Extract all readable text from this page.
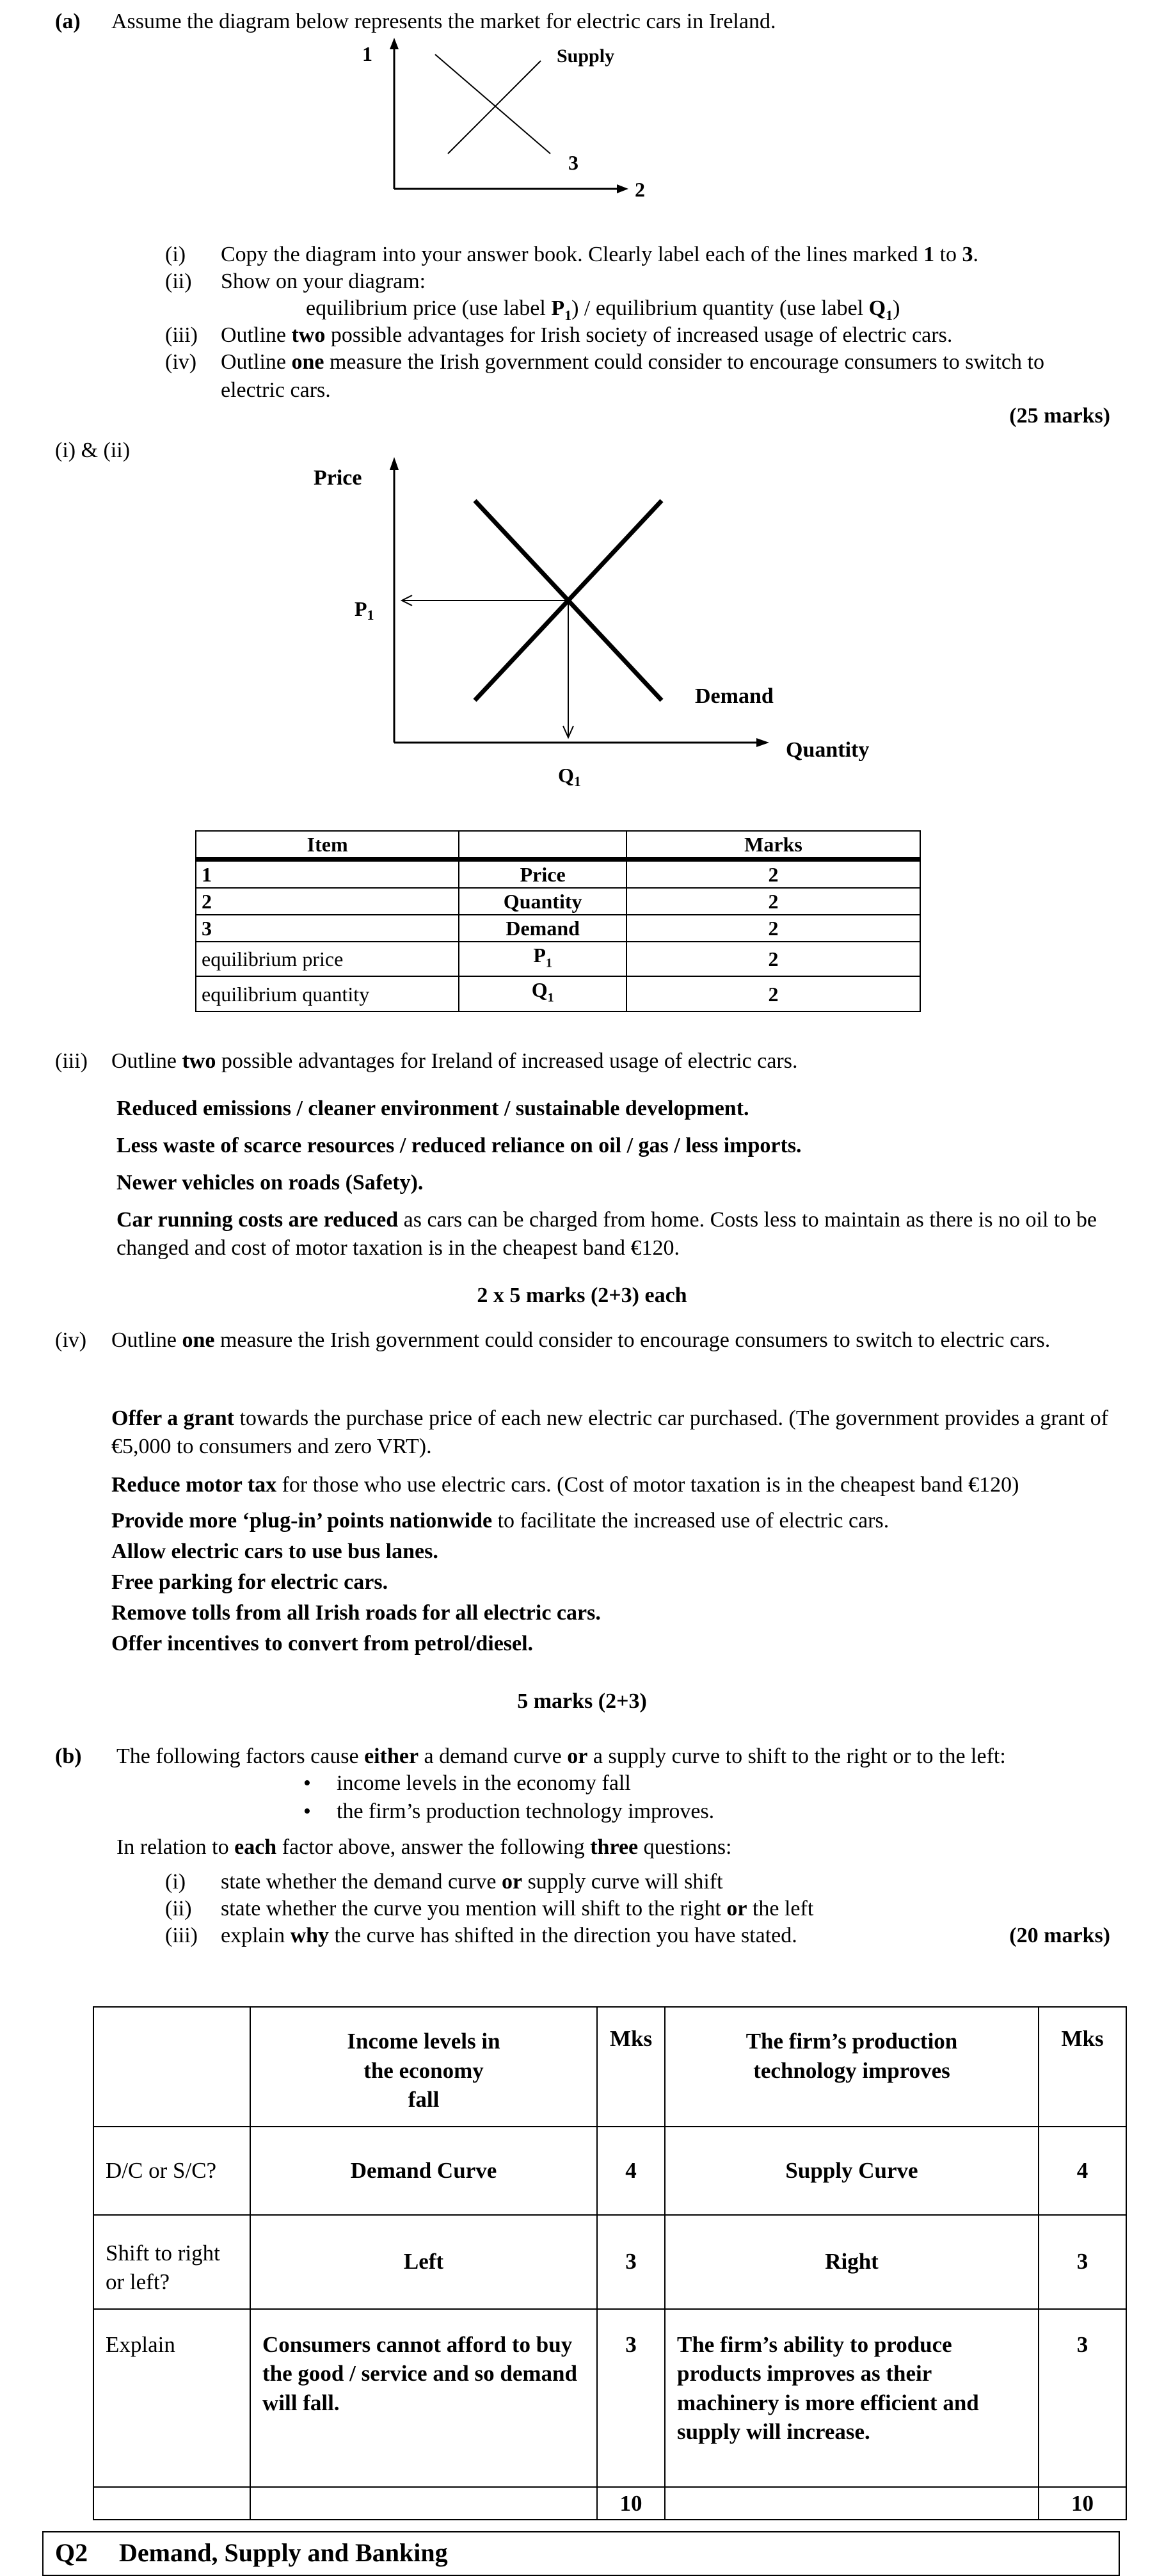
(a) Assume the diagram below represents the market for electric cars in Ireland.
1	Supply
3
2
(i) Copy the diagram into your answer book. Clearly label each of the lines marked 1 to 3.
(ii) Show on your diagram:
equilibrium price (use label $P_1$) / equilibrium quantity (use label $Q_1$)
(iii) Outline two possible advantages for Irish society of increased usage of electric cars.
(iv) Outline one measure the Irish government could consider to encourage consumers to switch to electric cars.
(25 marks)
(i) & (ii)
Price
P1
Q1
Demand
Quantity
Item		Marks
1	Price	2
2	Quantity	2
3	Demand	2
equilibrium price	$P_1$	2
equilibrium quantity	$Q_1$	2
(iii) Outline two possible advantages for Ireland of increased usage of electric cars.
Reduced emissions / cleaner environment / sustainable development.
Less waste of scarce resources / reduced reliance on oil / gas / less imports.
Newer vehicles on roads (Safety).
Car running costs are reduced as cars can be charged from home. Costs less to maintain as there is no oil to be changed and cost of motor taxation is in the cheapest band €120.
2 x 5 marks (2+3) each
(iv) Outline one measure the Irish government could consider to encourage consumers to switch to electric cars.
Offer a grant towards the purchase price of each new electric car purchased. (The government provides a grant of €5,000 to consumers and zero VRT).
Reduce motor tax for those who use electric cars. (Cost of motor taxation is in the cheapest band €120)
Provide more ‘plug-in’ points nationwide to facilitate the increased use of electric cars.
Allow electric cars to use bus lanes.
Free parking for electric cars.
Remove tolls from all Irish roads for all electric cars.
Offer incentives to convert from petrol/diesel.
5 marks (2+3)
(b) The following factors cause either a demand curve or a supply curve to shift to the right or to the left:
• income levels in the economy fall
• the firm’s production technology improves.
In relation to each factor above, answer the following three questions:
(i) state whether the demand curve or supply curve will shift
(ii) state whether the curve you mention will shift to the right or the left
(iii) explain why the curve has shifted in the direction you have stated.	(20 marks)
	Income levels in the economy fall	Mks	The firm’s production technology improves	Mks
D/C or S/C?	Demand Curve	4	Supply Curve	4
Shift to right or left?	Left	3	Right	3
Explain	Consumers cannot afford to buy the good / service and so demand will fall.	3	The firm’s ability to produce products improves as their machinery is more efficient and supply will increase.	3
		10		10
Q2 Demand, Supply and Banking
